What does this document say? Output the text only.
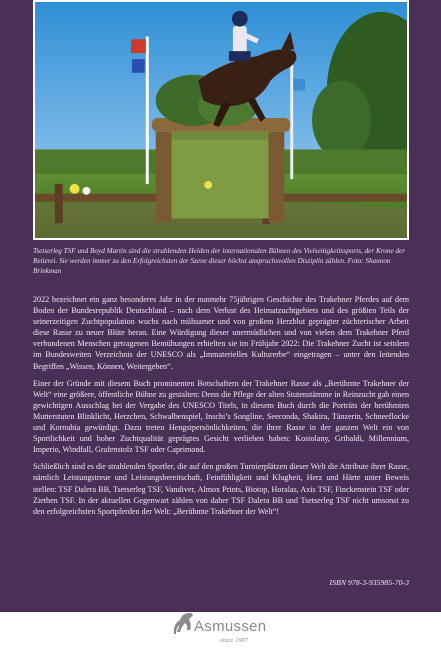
Tsetserleg TSF und Boyd Martin sind die strahlenden Helden der internationalen Bühnen des Vielseitigkeitssports, der Krone der Reiterei. Sie werden immer zu den Erfolgreichsten der Szene dieser höchst anspruchsvollen Disziplin zählen. Foto: Shannon Brinkman

2022 bezeichnet ein ganz besonderes Jahr in der nunmehr 75jährigen Geschichte des Trakehner Pferdes auf dem Boden der Bundesrepublik Deutschland – nach dem Verlust des Heimatzuchtgebiets und des größten Teils der seinerzeitigen Zuchtpopulation wuchs nach mühsamer und von großem Herzblut geprägter züchterischer Arbeit diese Rasse zu neuer Blüte heran. Eine Würdigung dieser unermüdlichen und von vielen dem Trakehner Pferd verbundenen Menschen getragenen Bemühungen erhielten sie im Frühjahr 2022: Die Trakehner Zucht ist seitdem im Bundesweiten Verzeichnis der UNESCO als „Immaterielles Kulturerbe“ eingetragen – unter den leitenden Begriffen „Wissen, Können, Weitergeben“.

Einer der Gründe mit diesem Buch prominenten Botschaftern der Trakehner Rasse als „Berühmte Trakehner der Welt“ eine größere, öffentliche Bühne zu gestalten: Denn die Pflege der alten Stutenstämme in Reinzucht gab einen gewichtigen Ausschlag bei der Vergabe des UNESCO Titels, in diesem Buch durch die Porträts der berühmten Mutterstuten Blinklicht, Herzchen, Schwalbenspiel, Inschi’s Songline, Seeconda, Shakira, Tänzerin, Schneeflocke und Kornubia gewürdigt. Dazu treten Hengstpersönlichkeiten, die ihrer Rasse in der ganzen Welt ein von Sportlichkeit und hoher Zuchtqualität geprägtes Gesicht verliehen haben: Kostolany, Gribaldi, Millennium, Imperio, Windfall, Grafenstolz TSF oder Caprimond.

Schließlich sind es die strahlenden Sportler, die auf den großen Turnierplätzen dieser Welt die Attribute ihrer Rasse, nämlich Leistungstreue und Leistungsbereitschaft, Feinfühligkeit und Klugheit, Herz und Härte unter Beweis stellen: TSF Dalera BB, Tsetserleg TSF, Vandiver, Almox Prints, Biotop, Horalas, Axis TSF, Finckenstein TSF oder Ziethen TSF. In der aktuellen Gegenwart zählen von daher TSF Dalera BB und Tsetserleg TSF nicht umsonst zu den erfolgreichsten Sportpferden der Welt: „Berühmte Trakehner der Welt“!

ISBN 978-3-935985-70-3
Asmussen
since 1997
